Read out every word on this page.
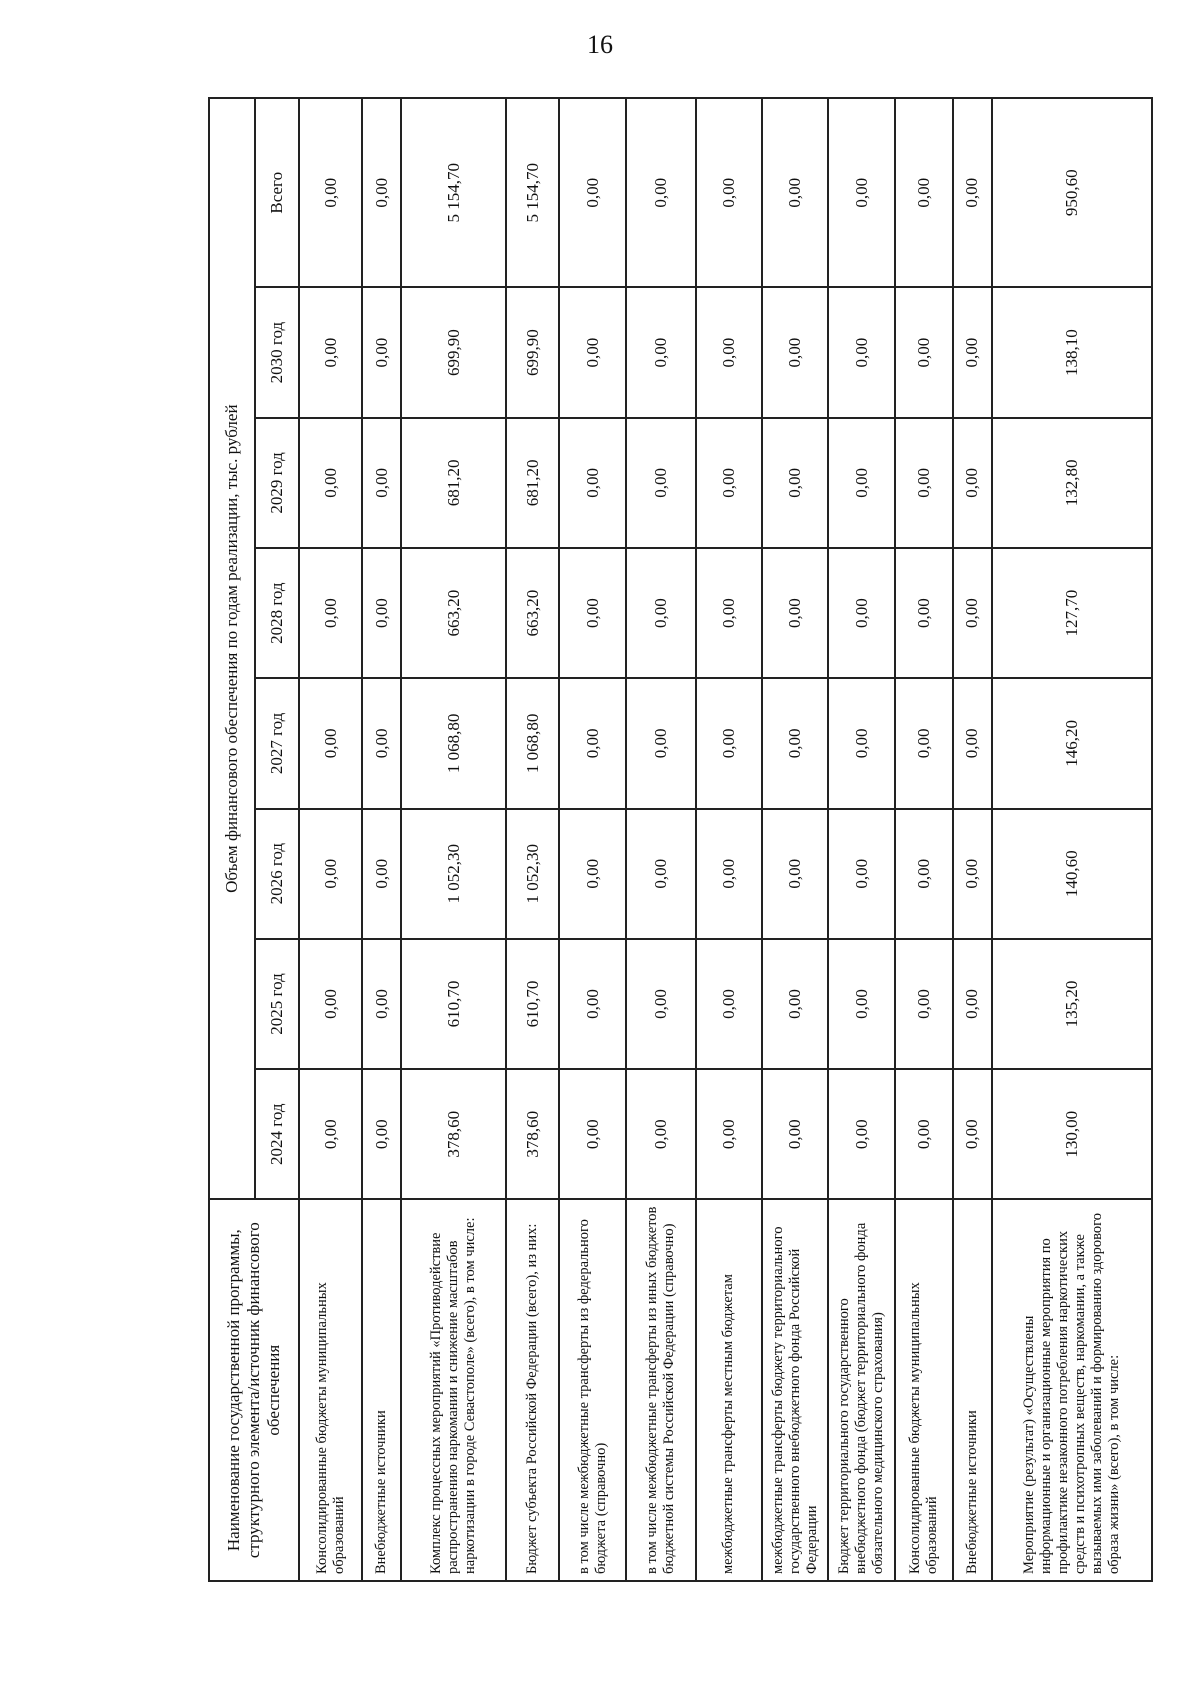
16
Наименование государственной программы, структурного элемента/источник финансового обеспечения	Объем финансового обеспечения по годам реализации, тыс. рублей							
	2024 год	2025 год	2026 год	2027 год	2028 год	2029 год	2030 год	Всего
Консолидированные бюджеты муниципальных образований	0,00	0,00	0,00	0,00	0,00	0,00	0,00	0,00
Внебюджетные источники	0,00	0,00	0,00	0,00	0,00	0,00	0,00	0,00
Комплекс процессных мероприятий «Противодействие распространению наркомании и снижение масштабов наркотизации в городе Севастополе» (всего), в том числе:	378,60	610,70	1 052,30	1 068,80	663,20	681,20	699,90	5 154,70
Бюджет субъекта Российской Федерации (всего), из них:	378,60	610,70	1 052,30	1 068,80	663,20	681,20	699,90	5 154,70
в том числе межбюджетные трансферты из федерального бюджета (справочно)	0,00	0,00	0,00	0,00	0,00	0,00	0,00	0,00
в том числе межбюджетные трансферты из иных бюджетов бюджетной системы Российской Федерации (справочно)	0,00	0,00	0,00	0,00	0,00	0,00	0,00	0,00
межбюджетные трансферты местным бюджетам	0,00	0,00	0,00	0,00	0,00	0,00	0,00	0,00
межбюджетные трансферты бюджету территориального государственного внебюджетного фонда Российской Федерации	0,00	0,00	0,00	0,00	0,00	0,00	0,00	0,00
Бюджет территориального государственного внебюджетного фонда (бюджет территориального фонда обязательного медицинского страхования)	0,00	0,00	0,00	0,00	0,00	0,00	0,00	0,00
Консолидированные бюджеты муниципальных образований	0,00	0,00	0,00	0,00	0,00	0,00	0,00	0,00
Внебюджетные источники	0,00	0,00	0,00	0,00	0,00	0,00	0,00	0,00
Мероприятие (результат) «Осуществлены информационные и организационные мероприятия по профилактике незаконного потребления наркотических средств и психотропных веществ, наркомании, а также вызываемых ими заболеваний и формированию здорового образа жизни» (всего), в том числе:	130,00	135,20	140,60	146,20	127,70	132,80	138,10	950,60
